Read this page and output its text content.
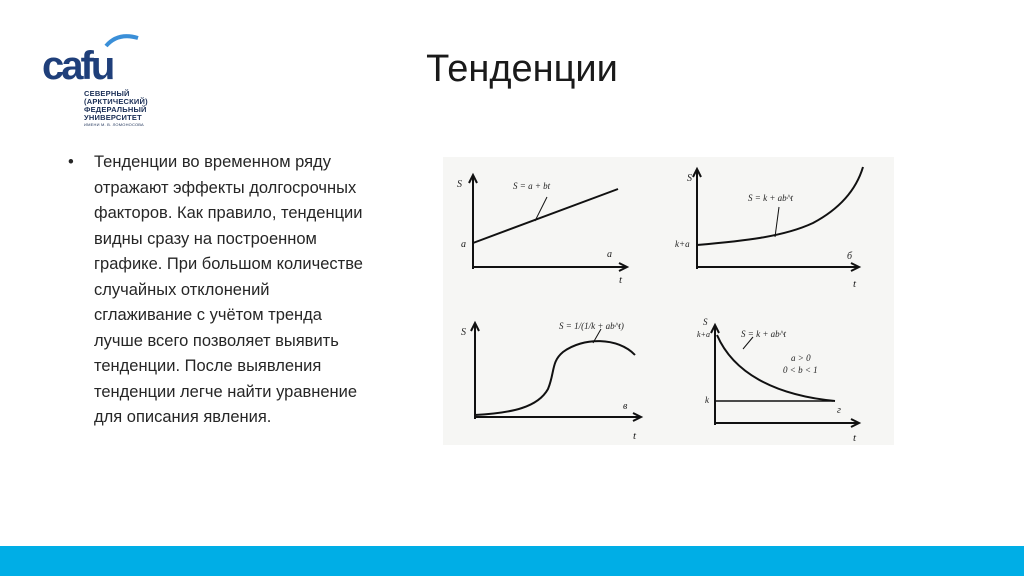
cafu
СЕВЕРНЫЙ
(АРКТИЧЕСКИЙ)
ФЕДЕРАЛЬНЫЙ
УНИВЕРСИТЕТ
ИМЕНИ М. В. ЛОМОНОСОВА
Тенденции
•	Тенденции во временном ряду отражают эффекты долгосрочных факторов. Как правило, тенденции видны сразу на построенном графике. При большом количестве случайных отклонений сглаживание с учётом тренда лучше всего позволяет выявить тенденции. После выявления тенденции легче найти уравнение для описания явления.
S
t
а
S = a + bt
a
S
t
б
S = k + ab^t
k+a
S
t
в
S = 1/(1/k + ab^t)	S
t
г
S = k + ab^t
k+a
k
a > 0
0 < b < 1
